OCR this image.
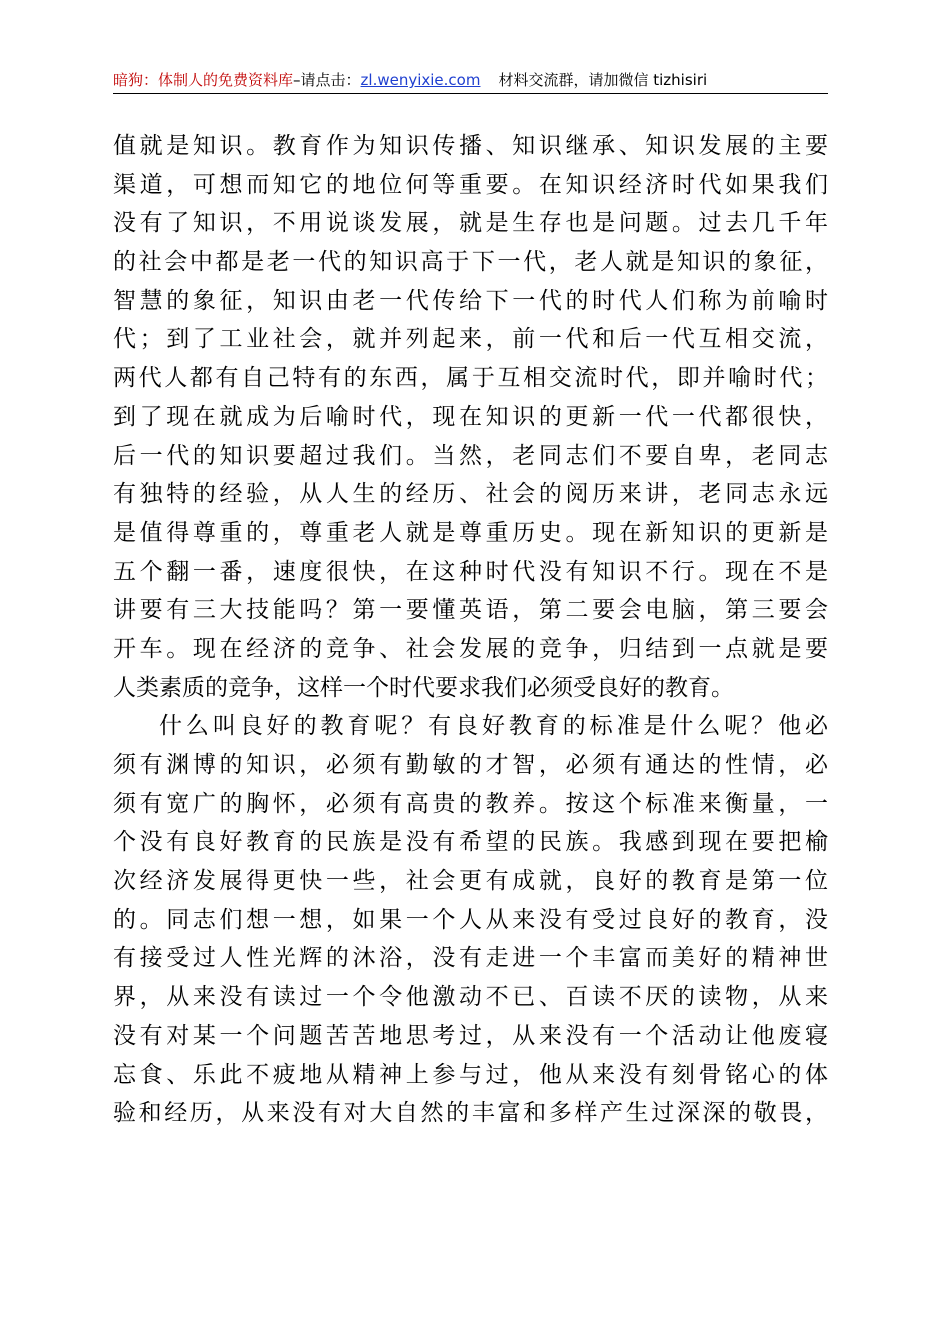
暗狗：体制人的免费资料库–请点击：zl.wenyixie.com 材料交流群，请加微信 tizhisiri
值就是知识。教育作为知识传播、知识继承、知识发展的主要
渠道，可想而知它的地位何等重要。在知识经济时代如果我们
没有了知识，不用说谈发展，就是生存也是问题。过去几千年
的社会中都是老一代的知识高于下一代，老人就是知识的象征，
智慧的象征，知识由老一代传给下一代的时代人们称为前喻时
代；到了工业社会，就并列起来，前一代和后一代互相交流，
两代人都有自己特有的东西，属于互相交流时代，即并喻时代；
到了现在就成为后喻时代，现在知识的更新一代一代都很快，
后一代的知识要超过我们。当然，老同志们不要自卑，老同志
有独特的经验，从人生的经历、社会的阅历来讲，老同志永远
是值得尊重的，尊重老人就是尊重历史。现在新知识的更新是
五个翻一番，速度很快，在这种时代没有知识不行。现在不是
讲要有三大技能吗？第一要懂英语，第二要会电脑，第三要会
开车。现在经济的竞争、社会发展的竞争，归结到一点就是要
人类素质的竞争，这样一个时代要求我们必须受良好的教育。
什么叫良好的教育呢？有良好教育的标准是什么呢？他必
须有渊博的知识，必须有勤敏的才智，必须有通达的性情，必
须有宽广的胸怀，必须有高贵的教养。按这个标准来衡量，一
个没有良好教育的民族是没有希望的民族。我感到现在要把榆
次经济发展得更快一些，社会更有成就，良好的教育是第一位
的。同志们想一想，如果一个人从来没有受过良好的教育，没
有接受过人性光辉的沐浴，没有走进一个丰富而美好的精神世
界，从来没有读过一个令他激动不已、百读不厌的读物，从来
没有对某一个问题苦苦地思考过，从来没有一个活动让他废寝
忘食、乐此不疲地从精神上参与过，他从来没有刻骨铭心的体
验和经历，从来没有对大自然的丰富和多样产生过深深的敬畏，
